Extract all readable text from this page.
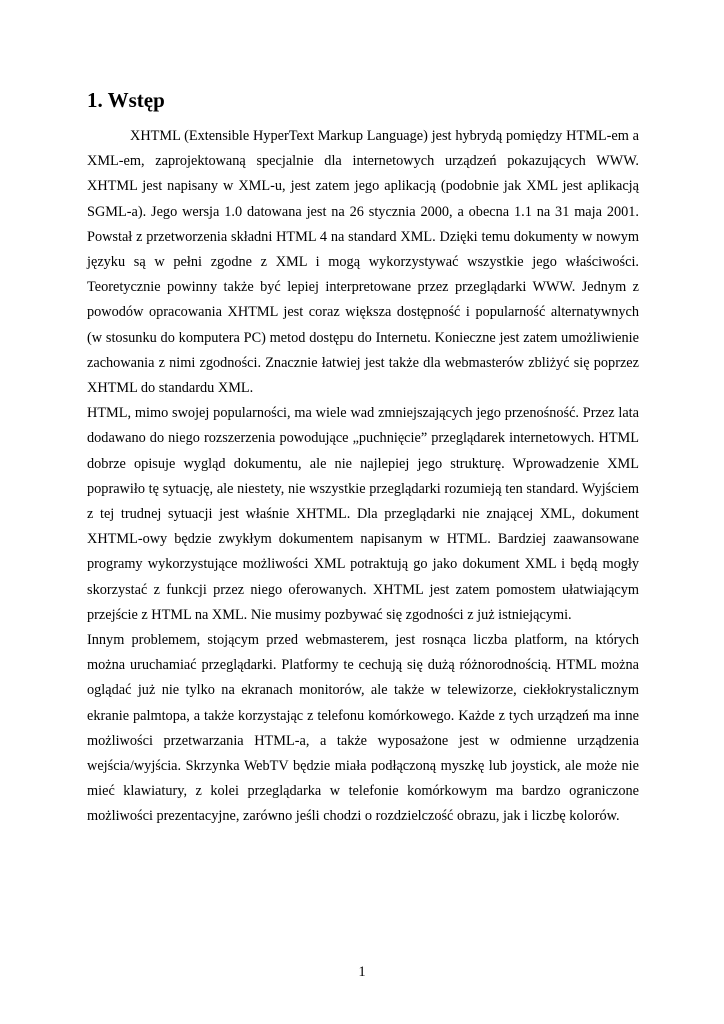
1. Wstęp

XHTML (Extensible HyperText Markup Language) jest hybrydą pomiędzy HTML-em a XML-em, zaprojektowaną specjalnie dla internetowych urządzeń pokazujących WWW. XHTML jest napisany w XML-u, jest zatem jego aplikacją (podobnie jak XML jest aplikacją SGML-a). Jego wersja 1.0 datowana jest na 26 stycznia 2000, a obecna 1.1 na 31 maja 2001. Powstał z przetworzenia składni HTML 4 na standard XML. Dzięki temu dokumenty w nowym języku są w pełni zgodne z XML i mogą wykorzystywać wszystkie jego właściwości. Teoretycznie powinny także być lepiej interpretowane przez przeglądarki WWW. Jednym z powodów opracowania XHTML jest coraz większa dostępność i popularność alternatywnych (w stosunku do komputera PC) metod dostępu do Internetu. Konieczne jest zatem umożliwienie zachowania z nimi zgodności. Znacznie łatwiej jest także dla webmasterów zbliżyć się poprzez XHTML do standardu XML.

HTML, mimo swojej popularności, ma wiele wad zmniejszających jego przenośność. Przez lata dodawano do niego rozszerzenia powodujące „puchnięcie” przeglądarek internetowych. HTML dobrze opisuje wygląd dokumentu, ale nie najlepiej jego strukturę. Wprowadzenie XML poprawiło tę sytuację, ale niestety, nie wszystkie przeglądarki rozumieją ten standard. Wyjściem z tej trudnej sytuacji jest właśnie XHTML. Dla przeglądarki nie znającej XML, dokument XHTML-owy będzie zwykłym dokumentem napisanym w HTML. Bardziej zaawansowane programy wykorzystujące możliwości XML potraktują go jako dokument XML i będą mogły skorzystać z funkcji przez niego oferowanych. XHTML jest zatem pomostem ułatwiającym przejście z HTML na XML. Nie musimy pozbywać się zgodności z już istniejącymi.

Innym problemem, stojącym przed webmasterem, jest rosnąca liczba platform, na których można uruchamiać przeglądarki. Platformy te cechują się dużą różnorodnością. HTML można oglądać już nie tylko na ekranach monitorów, ale także w telewizorze, ciekłokrystalicznym ekranie palmtopa, a także korzystając z telefonu komórkowego. Każde z tych urządzeń ma inne możliwości przetwarzania HTML-a, a także wyposażone jest w odmienne urządzenia wejścia/wyjścia. Skrzynka WebTV będzie miała podłączoną myszkę lub joystick, ale może nie mieć klawiatury, z kolei przeglądarka w telefonie komórkowym ma bardzo ograniczone możliwości prezentacyjne, zarówno jeśli chodzi o rozdzielczość obrazu, jak i liczbę kolorów.

1
